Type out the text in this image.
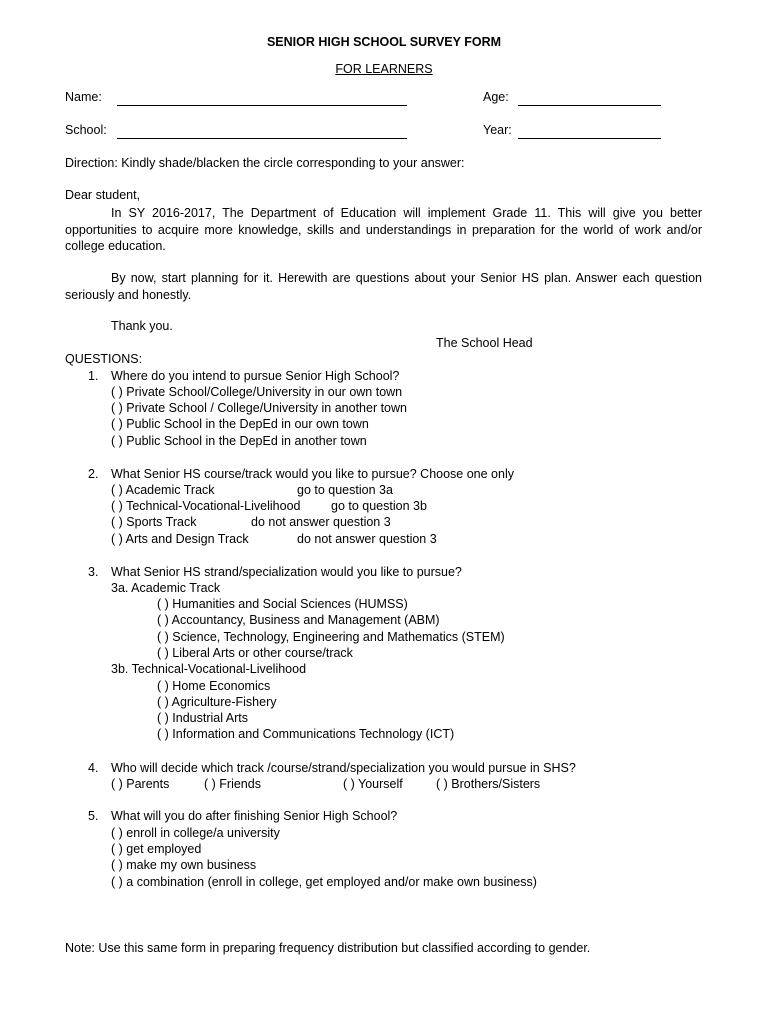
SENIOR HIGH SCHOOL SURVEY FORM
FOR LEARNERS
Name:	Age:
School:	Year:
Direction: Kindly shade/blacken the circle corresponding to your answer:
Dear student,
In SY 2016-2017, The Department of Education will implement Grade 11. This will give you better opportunities to acquire more knowledge, skills and understandings in preparation for the world of work and/or college education.
By now, start planning for it. Herewith are questions about your Senior HS plan. Answer each question seriously and honestly.
Thank you.
The School Head
QUESTIONS:
1. Where do you intend to pursue Senior High School?
( ) Private School/College/University in our own town
( ) Private School / College/University in another town
( ) Public School in the DepEd in our own town
( ) Public School in the DepEd in another town
2. What Senior HS course/track would you like to pursue? Choose one only
( ) Academic Track	go to question 3a
( ) Technical-Vocational-Livelihood go to question 3b
( ) Sports Track	do not answer question 3
( ) Arts and Design Track	do not answer question 3
3. What Senior HS strand/specialization would you like to pursue?
3a. Academic Track
( ) Humanities and Social Sciences (HUMSS)
( ) Accountancy, Business and Management (ABM)
( ) Science, Technology, Engineering and Mathematics (STEM)
( ) Liberal Arts or other course/track
3b. Technical-Vocational-Livelihood
( ) Home Economics
( ) Agriculture-Fishery
( ) Industrial Arts
( ) Information and Communications Technology (ICT)
4. Who will decide which track /course/strand/specialization you would pursue in SHS?
( ) Parents	( ) Friends	( ) Yourself	( ) Brothers/Sisters
5. What will you do after finishing Senior High School?
( ) enroll in college/a university
( ) get employed
( ) make my own business
( ) a combination (enroll in college, get employed and/or make own business)
Note: Use this same form in preparing frequency distribution but classified according to gender.
